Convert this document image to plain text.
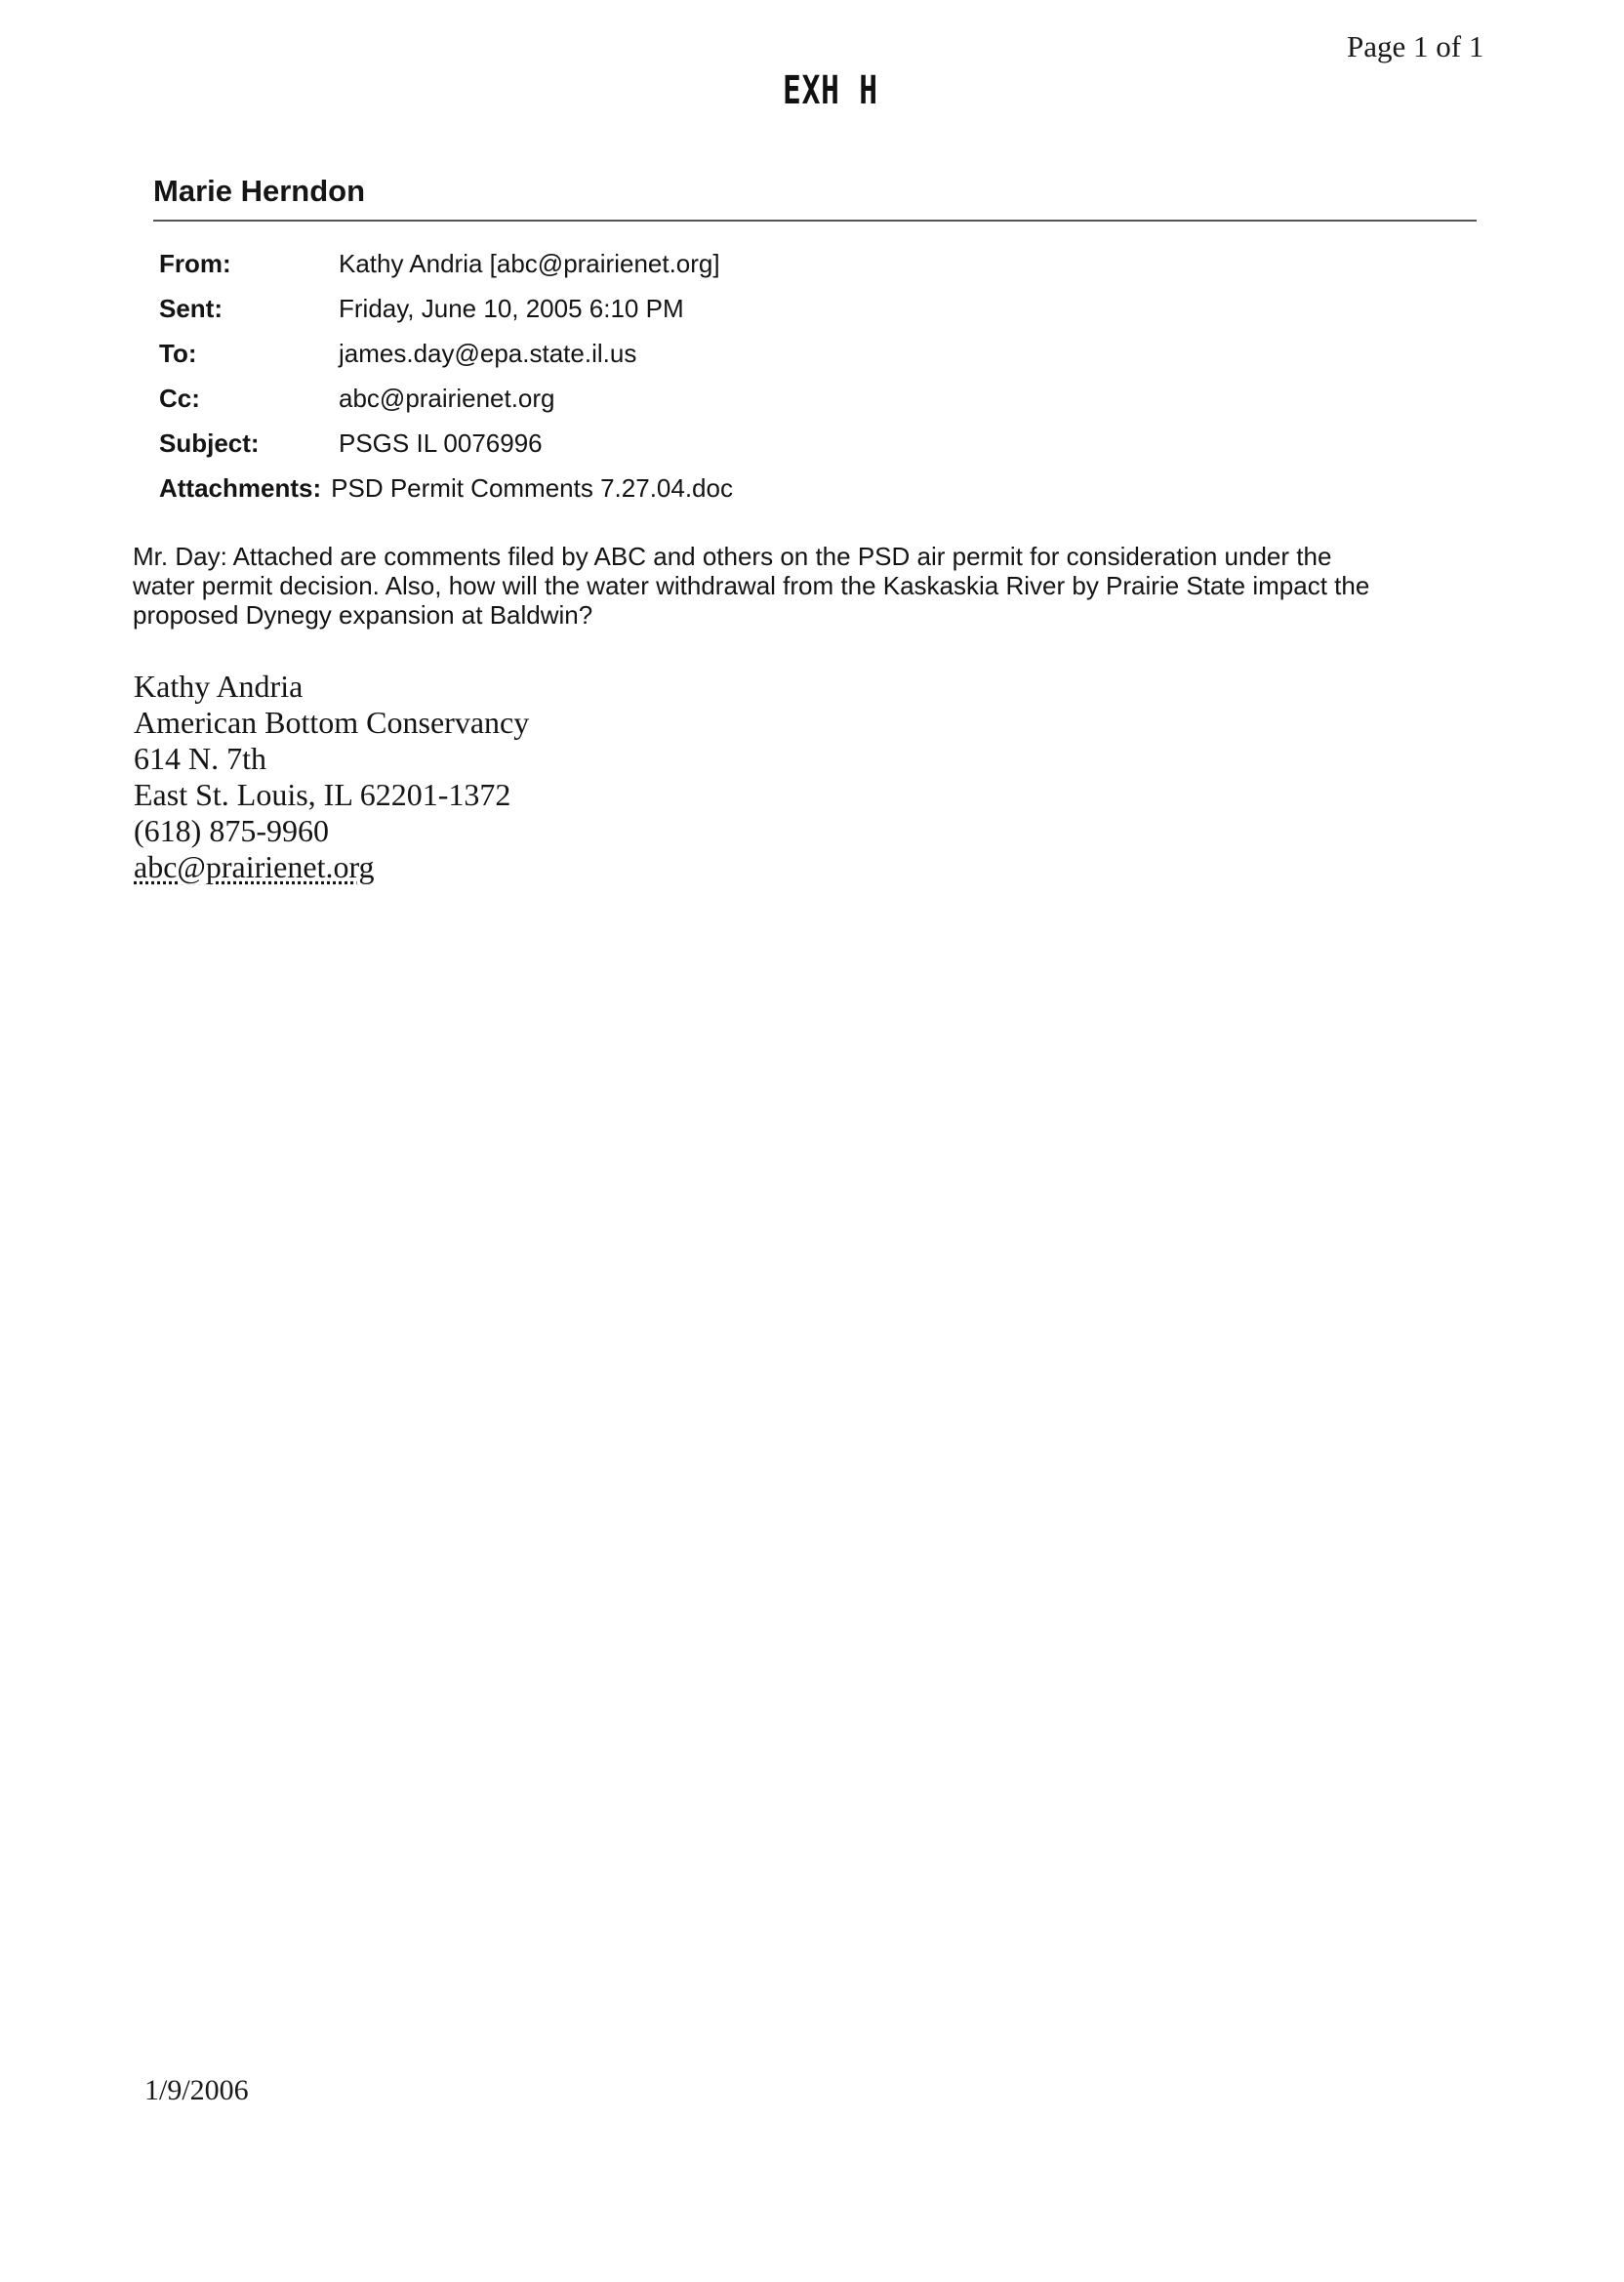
Page 1 of 1
EXH H
Marie Herndon
From:	Kathy Andria [abc@prairienet.org]
Sent:	Friday, June 10, 2005 6:10 PM
To:	james.day@epa.state.il.us
Cc:	abc@prairienet.org
Subject:	PSGS IL 0076996
Attachments: PSD Permit Comments 7.27.04.doc
Mr. Day: Attached are comments filed by ABC and others on the PSD air permit for consideration under the
water permit decision. Also, how will the water withdrawal from the Kaskaskia River by Prairie State impact the
proposed Dynegy expansion at Baldwin?
Kathy Andria
American Bottom Conservancy
614 N. 7th
East St. Louis, IL 62201-1372
(618) 875-9960
abc@prairienet.org
1/9/2006
